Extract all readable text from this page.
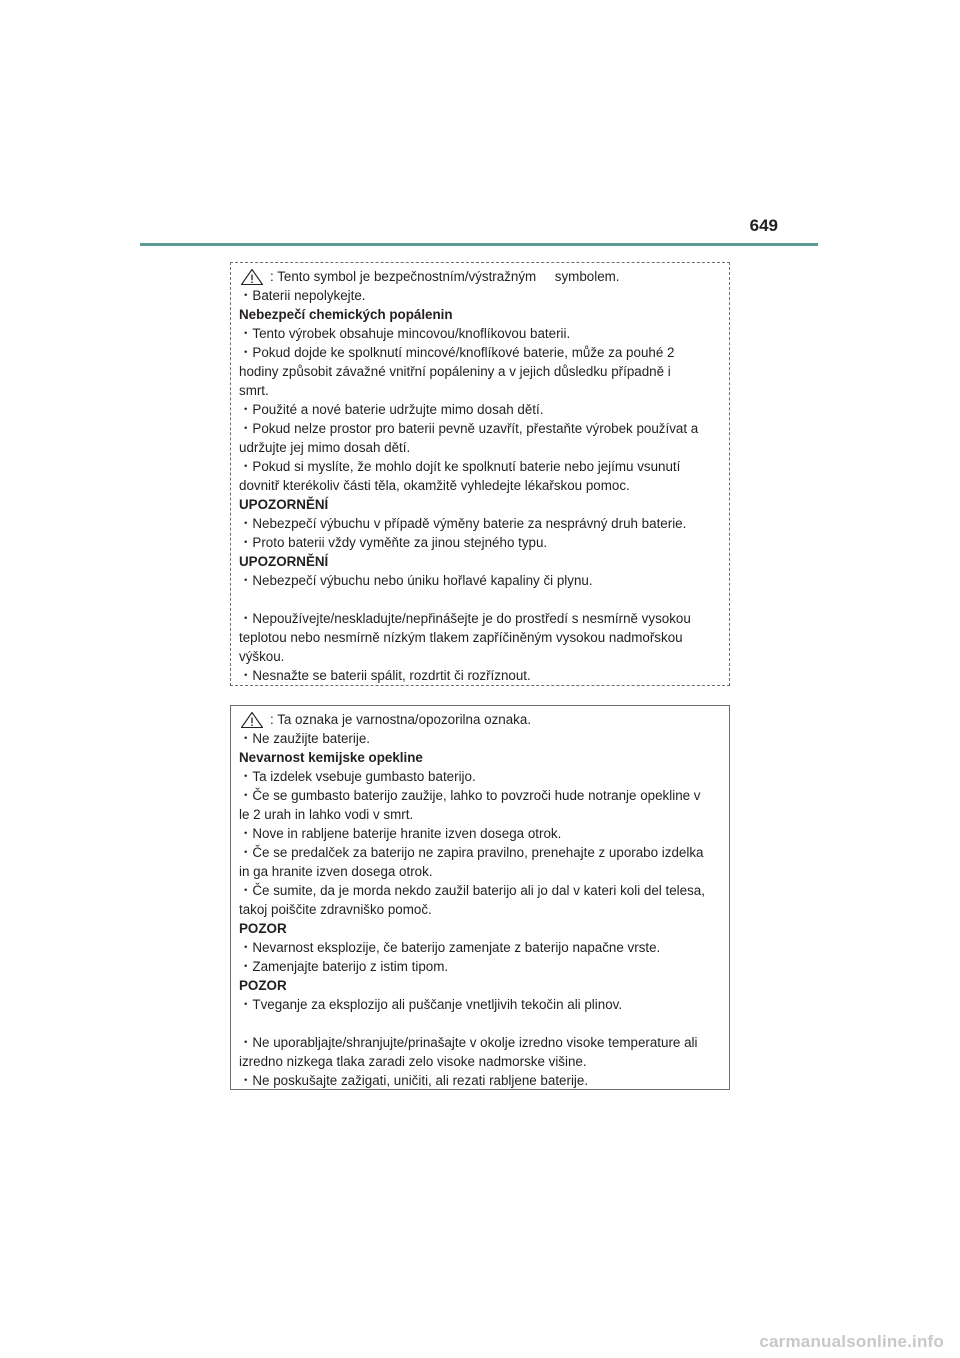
649
: Tento symbol je bezpečnostním/výstražným     symbolem.
・Baterii nepolykejte.
Nebezpečí chemických popálenin
・Tento výrobek obsahuje mincovou/knoflíkovou baterii.
・Pokud dojde ke spolknutí mincové/knoflíkové baterie, může za pouhé 2
hodiny způsobit závažné vnitřní popáleniny a v jejich důsledku případně i
smrt.
・Použité a nové baterie udržujte mimo dosah dětí.
・Pokud nelze prostor pro baterii pevně uzavřít, přestaňte výrobek používat a
udržujte jej mimo dosah dětí.
・Pokud si myslíte, že mohlo dojít ke spolknutí baterie nebo jejímu vsunutí
dovnitř kterékoliv části těla, okamžitě vyhledejte lékařskou pomoc.
UPOZORNĚNÍ
・Nebezpečí výbuchu v případě výměny baterie za nesprávný druh baterie.
・Proto baterii vždy vyměňte za jinou stejného typu.
UPOZORNĚNÍ
・Nebezpečí výbuchu nebo úniku hořlavé kapaliny či plynu.
・Nepoužívejte/neskladujte/nepřinášejte je do prostředí s nesmírně vysokou
teplotou nebo nesmírně nízkým tlakem zapříčiněným vysokou nadmořskou
výškou.
・Nesnažte se baterii spálit, rozdrtit či rozříznout.
: Ta oznaka je varnostna/opozorilna oznaka.
・Ne zaužijte baterije.
Nevarnost kemijske opekline
・Ta izdelek vsebuje gumbasto baterijo.
・Če se gumbasto baterijo zaužije, lahko to povzroči hude notranje opekline v
le 2 urah in lahko vodi v smrt.
・Nove in rabljene baterije hranite izven dosega otrok.
・Če se predalček za baterijo ne zapira pravilno, prenehajte z uporabo izdelka
in ga hranite izven dosega otrok.
・Če sumite, da je morda nekdo zaužil baterijo ali jo dal v kateri koli del telesa,
takoj poiščite zdravniško pomoč.
POZOR
・Nevarnost eksplozije, če baterijo zamenjate z baterijo napačne vrste.
・Zamenjajte baterijo z istim tipom.
POZOR
・Tveganje za eksplozijo ali puščanje vnetljivih tekočin ali plinov.
・Ne uporabljajte/shranjujte/prinašajte v okolje izredno visoke temperature ali
izredno nizkega tlaka zaradi zelo visoke nadmorske višine.
・Ne poskušajte zažigati, uničiti, ali rezati rabljene baterije.
carmanualsonline.info
